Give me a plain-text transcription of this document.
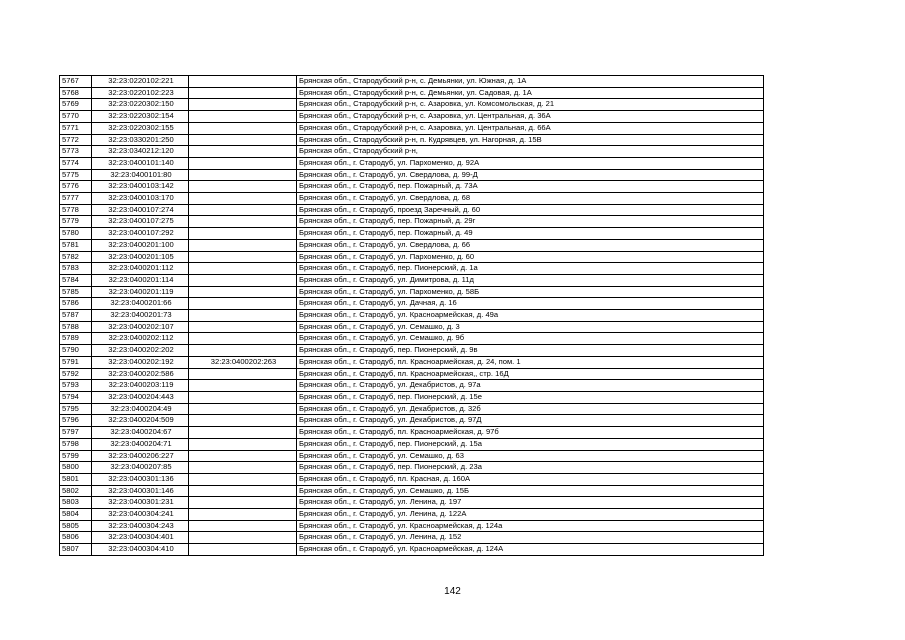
5767	32:23:0220102:221		Брянская обл., Стародубский р-н, с. Демьянки, ул. Южная, д. 1А
5768	32:23:0220102:223		Брянская обл., Стародубский р-н, с. Демьянки, ул. Садовая, д. 1А
5769	32:23:0220302:150		Брянская обл., Стародубский р-н, с. Азаровка, ул. Комсомольская, д. 21
5770	32:23:0220302:154		Брянская обл., Стародубский р-н, с. Азаровка, ул. Центральная, д. 36А
5771	32:23:0220302:155		Брянская обл., Стародубский р-н, с. Азаровка, ул. Центральная, д. 66А
5772	32:23:0330201:250		Брянская обл., Стародубский р-н, п. Кудрявцев, ул. Нагорная, д. 15В
5773	32:23:0340212:120		Брянская обл., Стародубский р-н,
5774	32:23:0400101:140		Брянская обл., г. Стародуб, ул. Пархоменко, д. 92А
5775	32:23:0400101:80		Брянская обл., г. Стародуб, ул. Свердлова, д. 99-Д
5776	32:23:0400103:142		Брянская обл., г. Стародуб, пер. Пожарный, д. 73А
5777	32:23:0400103:170		Брянская обл., г. Стародуб, ул. Свердлова, д. 68
5778	32:23:0400107:274		Брянская обл., г. Стародуб, проезд Заречный, д. 60
5779	32:23:0400107:275		Брянская обл., г. Стародуб, пер. Пожарный, д. 29г
5780	32:23:0400107:292		Брянская обл., г. Стародуб, пер. Пожарный, д. 49
5781	32:23:0400201:100		Брянская обл., г. Стародуб, ул. Свердлова, д. 66
5782	32:23:0400201:105		Брянская обл., г. Стародуб, ул. Пархоменко, д. 60
5783	32:23:0400201:112		Брянская обл., г. Стародуб, пер. Пионерский, д. 1а
5784	32:23:0400201:114		Брянская обл., г. Стародуб, ул. Димитрова, д. 11д
5785	32:23:0400201:119		Брянская обл., г. Стародуб, ул. Пархоменко, д. 58Б
5786	32:23:0400201:66		Брянская обл., г. Стародуб, ул. Дачная, д. 16
5787	32:23:0400201:73		Брянская обл., г. Стародуб, ул. Красноармейская, д. 49а
5788	32:23:0400202:107		Брянская обл., г. Стародуб, ул. Семашко, д. 3
5789	32:23:0400202:112		Брянская обл., г. Стародуб, ул. Семашко, д. 9б
5790	32:23:0400202:202		Брянская обл., г. Стародуб, пер. Пионерский, д. 9в
5791	32:23:0400202:192	32:23:0400202:263	Брянская обл., г. Стародуб, пл. Красноармейская, д. 24, пом. 1
5792	32:23:0400202:586		Брянская обл., г. Стародуб, пл. Красноармейская,, стр. 16Д
5793	32:23:0400203:119		Брянская обл., г. Стародуб, ул. Декабристов, д. 97а
5794	32:23:0400204:443		Брянская обл., г. Стародуб, пер. Пионерский, д. 15е
5795	32:23:0400204:49		Брянская обл., г. Стародуб, ул. Декабристов, д. 32б
5796	32:23:0400204:509		Брянская обл., г. Стародуб, ул. Декабристов, д. 97Д
5797	32:23:0400204:67		Брянская обл., г. Стародуб, пл. Красноармейская, д. 97б
5798	32:23:0400204:71		Брянская обл., г. Стародуб, пер. Пионерский, д. 15а
5799	32:23:0400206:227		Брянская обл., г. Стародуб, ул. Семашко, д. 63
5800	32:23:0400207:85		Брянская обл., г. Стародуб, пер. Пионерский, д. 23а
5801	32:23:0400301:136		Брянская обл., г. Стародуб, пл. Красная, д. 160А
5802	32:23:0400301:146		Брянская обл., г. Стародуб, ул. Семашко, д. 15Б
5803	32:23:0400301:231		Брянская обл., г. Стародуб, ул. Ленина, д. 197
5804	32:23:0400304:241		Брянская обл., г. Стародуб, ул. Ленина, д. 122А
5805	32:23:0400304:243		Брянская обл., г. Стародуб, ул. Красноармейская, д. 124а
5806	32:23:0400304:401		Брянская обл., г. Стародуб, ул. Ленина, д. 152
5807	32:23:0400304:410		Брянская обл., г. Стародуб, ул. Красноармейская, д. 124А
142
